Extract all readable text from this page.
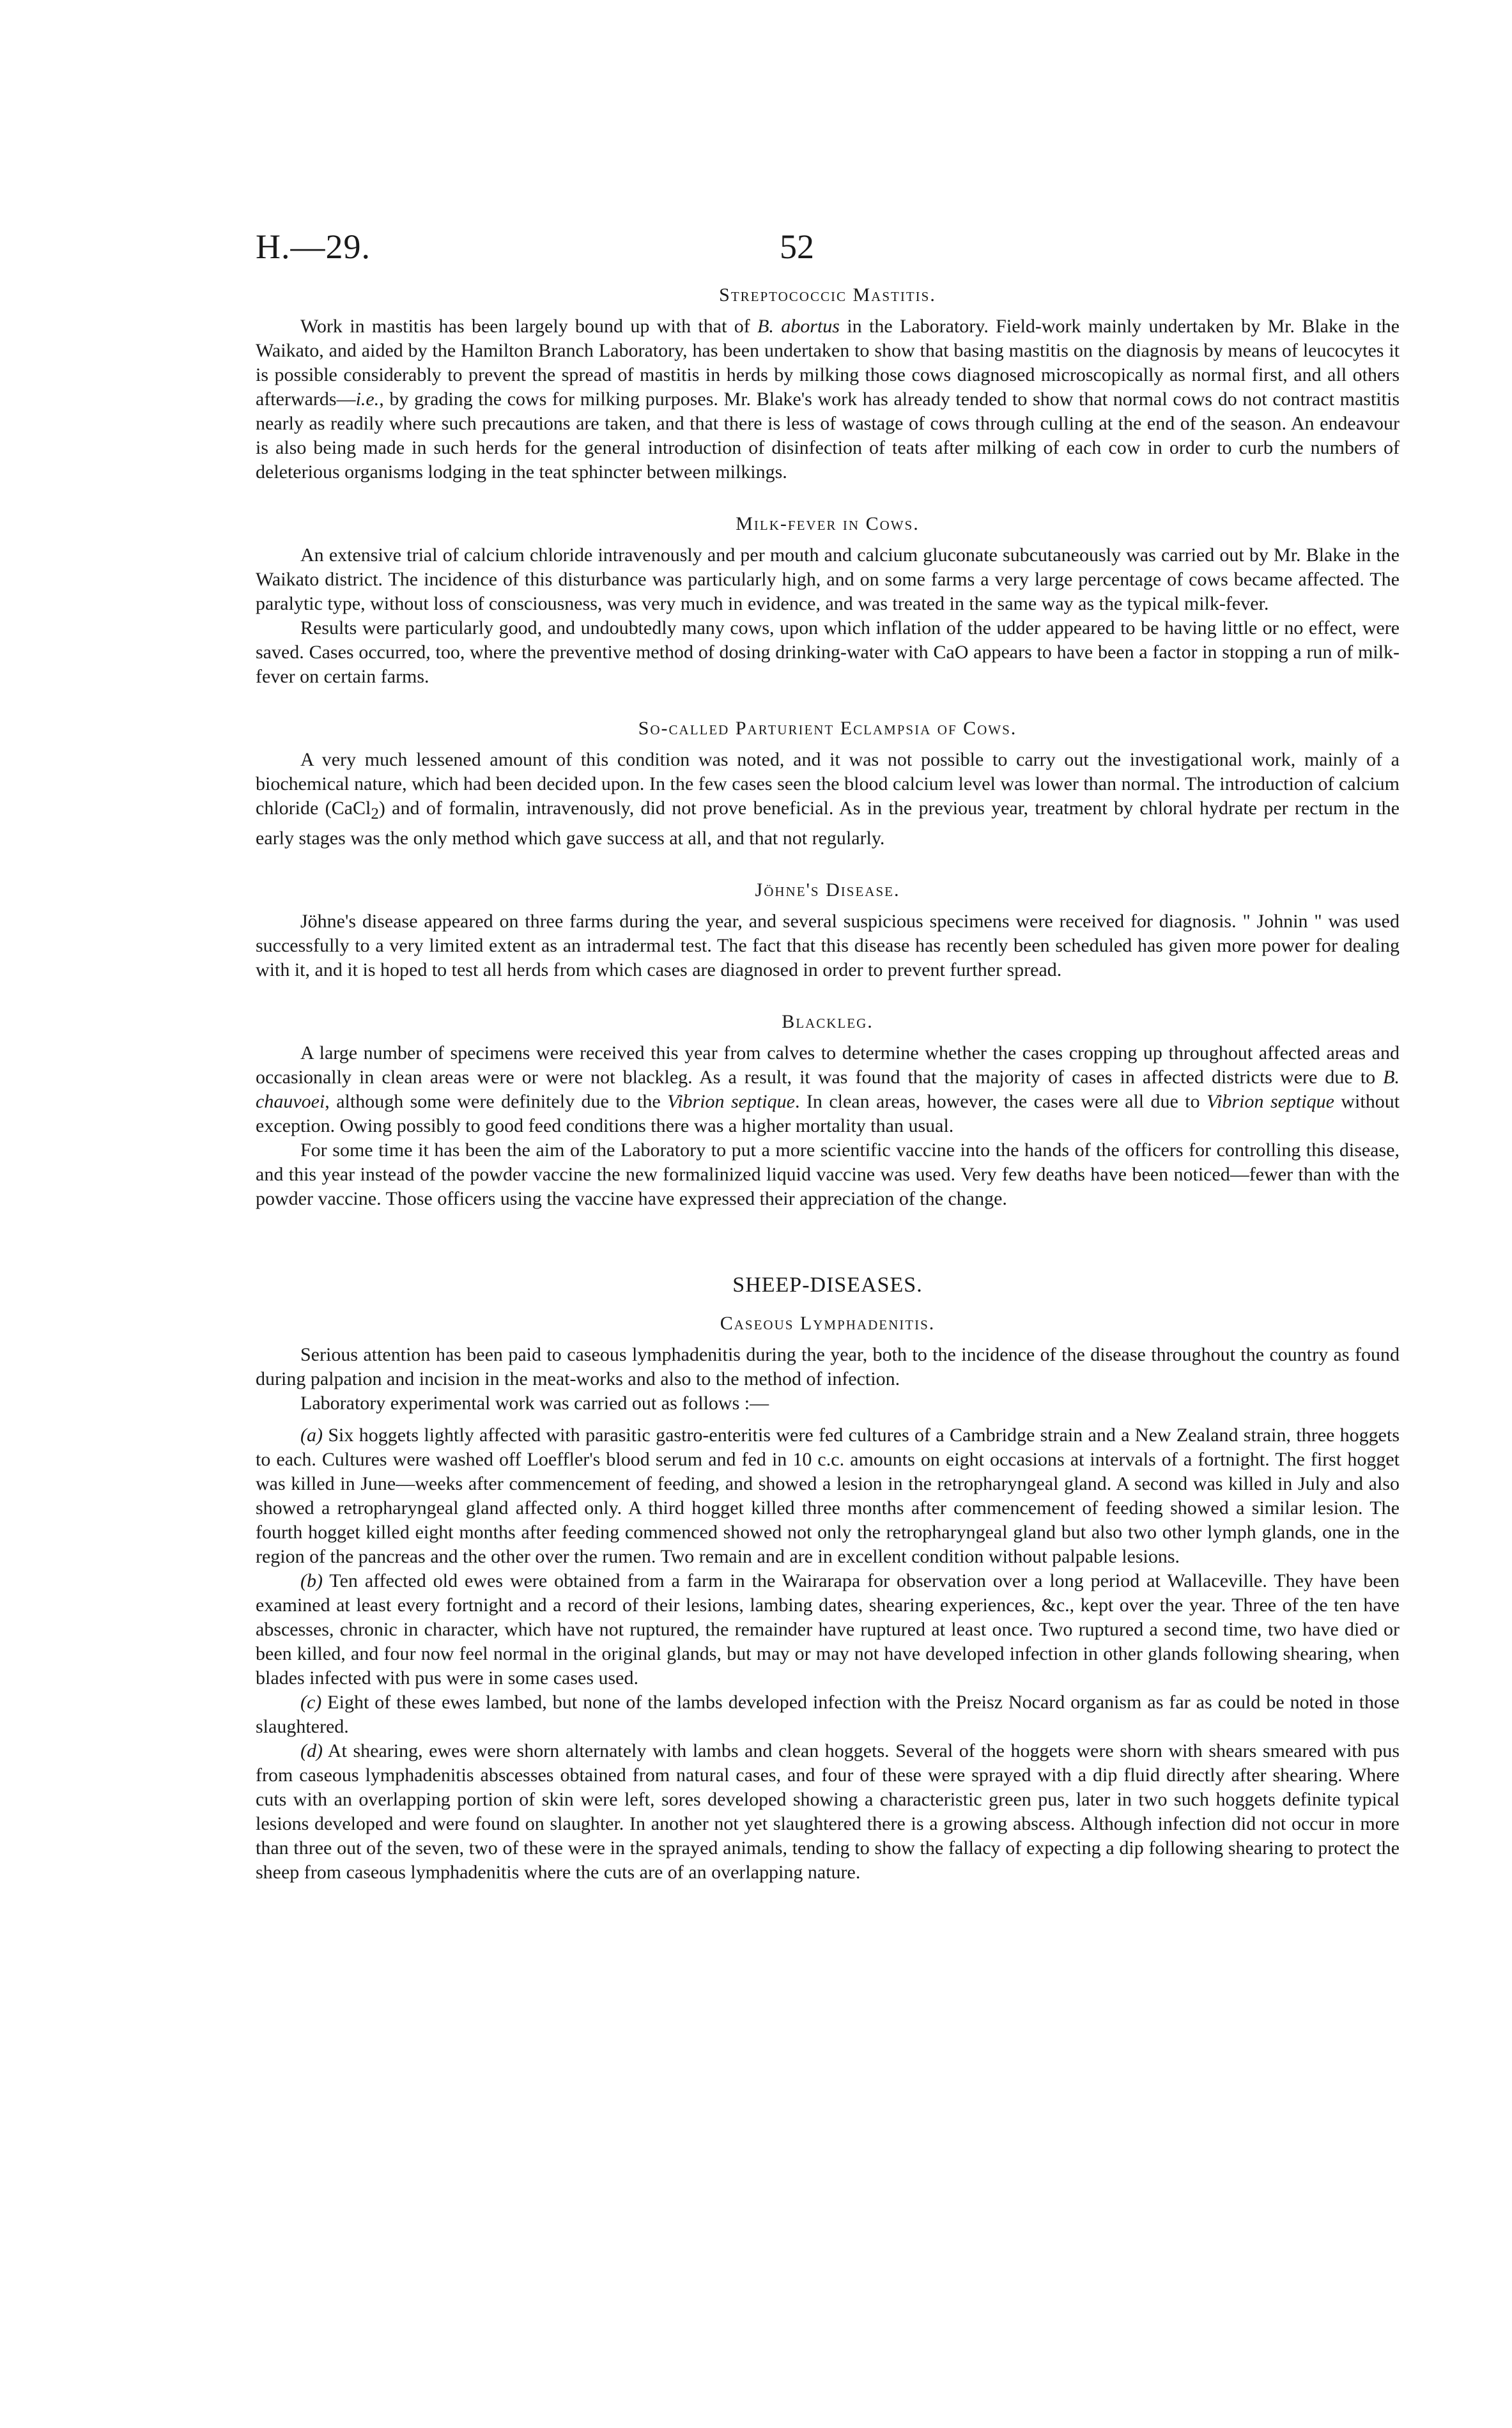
H.—29.	52
Streptococcic Mastitis.

Work in mastitis has been largely bound up with that of B. abortus in the Laboratory. Field-work mainly undertaken by Mr. Blake in the Waikato, and aided by the Hamilton Branch Laboratory, has been undertaken to show that basing mastitis on the diagnosis by means of leucocytes it is possible considerably to prevent the spread of mastitis in herds by milking those cows diagnosed microscopically as normal first, and all others afterwards—i.e., by grading the cows for milking purposes. Mr. Blake's work has already tended to show that normal cows do not contract mastitis nearly as readily where such precautions are taken, and that there is less of wastage of cows through culling at the end of the season. An endeavour is also being made in such herds for the general introduction of disinfection of teats after milking of each cow in order to curb the numbers of deleterious organisms lodging in the teat sphincter between milkings.

Milk-fever in Cows.

An extensive trial of calcium chloride intravenously and per mouth and calcium gluconate subcutaneously was carried out by Mr. Blake in the Waikato district. The incidence of this disturbance was particularly high, and on some farms a very large percentage of cows became affected. The paralytic type, without loss of consciousness, was very much in evidence, and was treated in the same way as the typical milk-fever.

Results were particularly good, and undoubtedly many cows, upon which inflation of the udder appeared to be having little or no effect, were saved. Cases occurred, too, where the preventive method of dosing drinking-water with CaO appears to have been a factor in stopping a run of milk-fever on certain farms.

So-called Parturient Eclampsia of Cows.

A very much lessened amount of this condition was noted, and it was not possible to carry out the investigational work, mainly of a biochemical nature, which had been decided upon. In the few cases seen the blood calcium level was lower than normal. The introduction of calcium chloride (CaCl$_2$) and of formalin, intravenously, did not prove beneficial. As in the previous year, treatment by chloral hydrate per rectum in the early stages was the only method which gave success at all, and that not regularly.

Jöhne's Disease.

Jöhne's disease appeared on three farms during the year, and several suspicious specimens were received for diagnosis. " Johnin " was used successfully to a very limited extent as an intradermal test. The fact that this disease has recently been scheduled has given more power for dealing with it, and it is hoped to test all herds from which cases are diagnosed in order to prevent further spread.

Blackleg.

A large number of specimens were received this year from calves to determine whether the cases cropping up throughout affected areas and occasionally in clean areas were or were not blackleg. As a result, it was found that the majority of cases in affected districts were due to B. chauvoei, although some were definitely due to the Vibrion septique. In clean areas, however, the cases were all due to Vibrion septique without exception. Owing possibly to good feed conditions there was a higher mortality than usual.

For some time it has been the aim of the Laboratory to put a more scientific vaccine into the hands of the officers for controlling this disease, and this year instead of the powder vaccine the new formalinized liquid vaccine was used. Very few deaths have been noticed—fewer than with the powder vaccine. Those officers using the vaccine have expressed their appreciation of the change.

SHEEP-DISEASES.
Caseous Lymphadenitis.

Serious attention has been paid to caseous lymphadenitis during the year, both to the incidence of the disease throughout the country as found during palpation and incision in the meat-works and also to the method of infection.

Laboratory experimental work was carried out as follows :—

(a) Six hoggets lightly affected with parasitic gastro-enteritis were fed cultures of a Cambridge strain and a New Zealand strain, three hoggets to each. Cultures were washed off Loeffler's blood serum and fed in 10 c.c. amounts on eight occasions at intervals of a fortnight. The first hogget was killed in June—weeks after commencement of feeding, and showed a lesion in the retropharyngeal gland. A second was killed in July and also showed a retropharyngeal gland affected only. A third hogget killed three months after commencement of feeding showed a similar lesion. The fourth hogget killed eight months after feeding commenced showed not only the retropharyngeal gland but also two other lymph glands, one in the region of the pancreas and the other over the rumen. Two remain and are in excellent condition without palpable lesions.

(b) Ten affected old ewes were obtained from a farm in the Wairarapa for observation over a long period at Wallaceville. They have been examined at least every fortnight and a record of their lesions, lambing dates, shearing experiences, &c., kept over the year. Three of the ten have abscesses, chronic in character, which have not ruptured, the remainder have ruptured at least once. Two ruptured a second time, two have died or been killed, and four now feel normal in the original glands, but may or may not have developed infection in other glands following shearing, when blades infected with pus were in some cases used.

(c) Eight of these ewes lambed, but none of the lambs developed infection with the Preisz Nocard organism as far as could be noted in those slaughtered.

(d) At shearing, ewes were shorn alternately with lambs and clean hoggets. Several of the hoggets were shorn with shears smeared with pus from caseous lymphadenitis abscesses obtained from natural cases, and four of these were sprayed with a dip fluid directly after shearing. Where cuts with an overlapping portion of skin were left, sores developed showing a characteristic green pus, later in two such hoggets definite typical lesions developed and were found on slaughter. In another not yet slaughtered there is a growing abscess. Although infection did not occur in more than three out of the seven, two of these were in the sprayed animals, tending to show the fallacy of expecting a dip following shearing to protect the sheep from caseous lymphadenitis where the cuts are of an overlapping nature.
